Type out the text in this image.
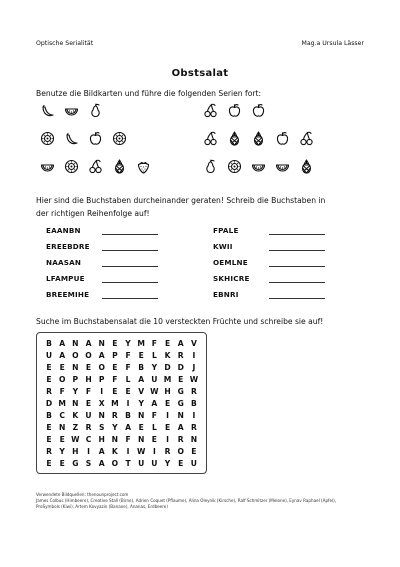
Optische Serialität	Mag.a Ursula Lässer
Obstsalat
Benutze die Bildkarten und führe die folgenden Serien fort:
Hier sind die Buchstaben durcheinander geraten! Schreib die Buchstaben in
der richtigen Reihenfolge auf!
EAANBN
EREEBDRE
NAASAN
LFAMPUE
BREEMIHE
FPALE
KWII
OEMLNE
SKHICRE
EBNRI
Suche im Buchstabensalat die 10 versteckten Früchte und schreibe sie auf!
B A N A N E	Y M F	E	A V
U A O O A P	F	E	L	K R	I
E	E N E O E	F	B Y D D	J
E O P H P	F	L	A U M E W
R	F	Y	F	I	E	E	V W H G R
D M N E	X M	I	Y A	E G B
B C K U N R B N F	I	N	I
E N Z R S	Y A	E	L	E	A R
E	E W C H N F N E	I	R N
R Y H	I	A K	I W I	R O E
E	E G S A O T U U Y	E U
Verwendete Bildquellen: thenounproject.com
James Colbus (Himbeere), Creative Stall (Birne), Adrien Coquet (Pflaume), Alina Oleynik (Kirsche), Ralf Schmitzer (Melone), Eynav Raphael (Apfel),
ProSymbols (Kiwi), Artem Kovyazin (Banane), Ananas, Erdbeere)
